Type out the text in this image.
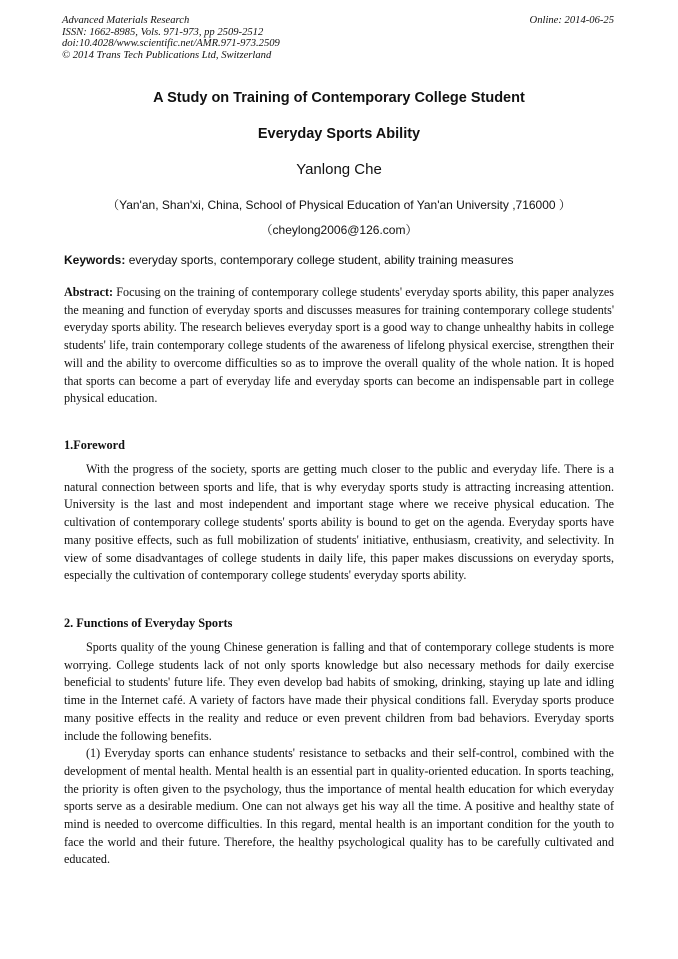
Advanced Materials Research
ISSN: 1662-8985, Vols. 971-973, pp 2509-2512
doi:10.4028/www.scientific.net/AMR.971-973.2509
© 2014 Trans Tech Publications Ltd, Switzerland
Online: 2014-06-25
A Study on Training of Contemporary College Student
Everyday Sports Ability
Yanlong Che
（Yan'an, Shan'xi, China, School of Physical Education of Yan'an University ,716000 ）
（cheylong2006@126.com）
Keywords: everyday sports, contemporary college student, ability training measures
Abstract: Focusing on the training of contemporary college students' everyday sports ability, this paper analyzes the meaning and function of everyday sports and discusses measures for training contemporary college students' everyday sports ability. The research believes everyday sport is a good way to change unhealthy habits in college students' life, train contemporary college students of the awareness of lifelong physical exercise, strengthen their will and the ability to overcome difficulties so as to improve the overall quality of the whole nation. It is hoped that sports can become a part of everyday life and everyday sports can become an indispensable part in college physical education.
1.Foreword
With the progress of the society, sports are getting much closer to the public and everyday life. There is a natural connection between sports and life, that is why everyday sports study is attracting increasing attention. University is the last and most independent and important stage where we receive physical education. The cultivation of contemporary college students' sports ability is bound to get on the agenda. Everyday sports have many positive effects, such as full mobilization of students' initiative, enthusiasm, creativity, and selectivity. In view of some disadvantages of college students in daily life, this paper makes discussions on everyday sports, especially the cultivation of contemporary college students' everyday sports ability.
2. Functions of Everyday Sports

Sports quality of the young Chinese generation is falling and that of contemporary college students is more worrying. College students lack of not only sports knowledge but also necessary methods for daily exercise beneficial to students' future life. They even develop bad habits of smoking, drinking, staying up late and idling time in the Internet café. A variety of factors have made their physical conditions fall. Everyday sports produce many positive effects in the reality and reduce or even prevent children from bad behaviors. Everyday sports include the following benefits.

(1) Everyday sports can enhance students' resistance to setbacks and their self-control, combined with the development of mental health. Mental health is an essential part in quality-oriented education. In sports teaching, the priority is often given to the psychology, thus the importance of mental health education for which everyday sports serve as a desirable medium. One can not always get his way all the time. A positive and healthy state of mind is needed to overcome difficulties. In this regard, mental health is an important condition for the youth to face the world and their future. Therefore, the healthy psychological quality has to be carefully cultivated and educated.
